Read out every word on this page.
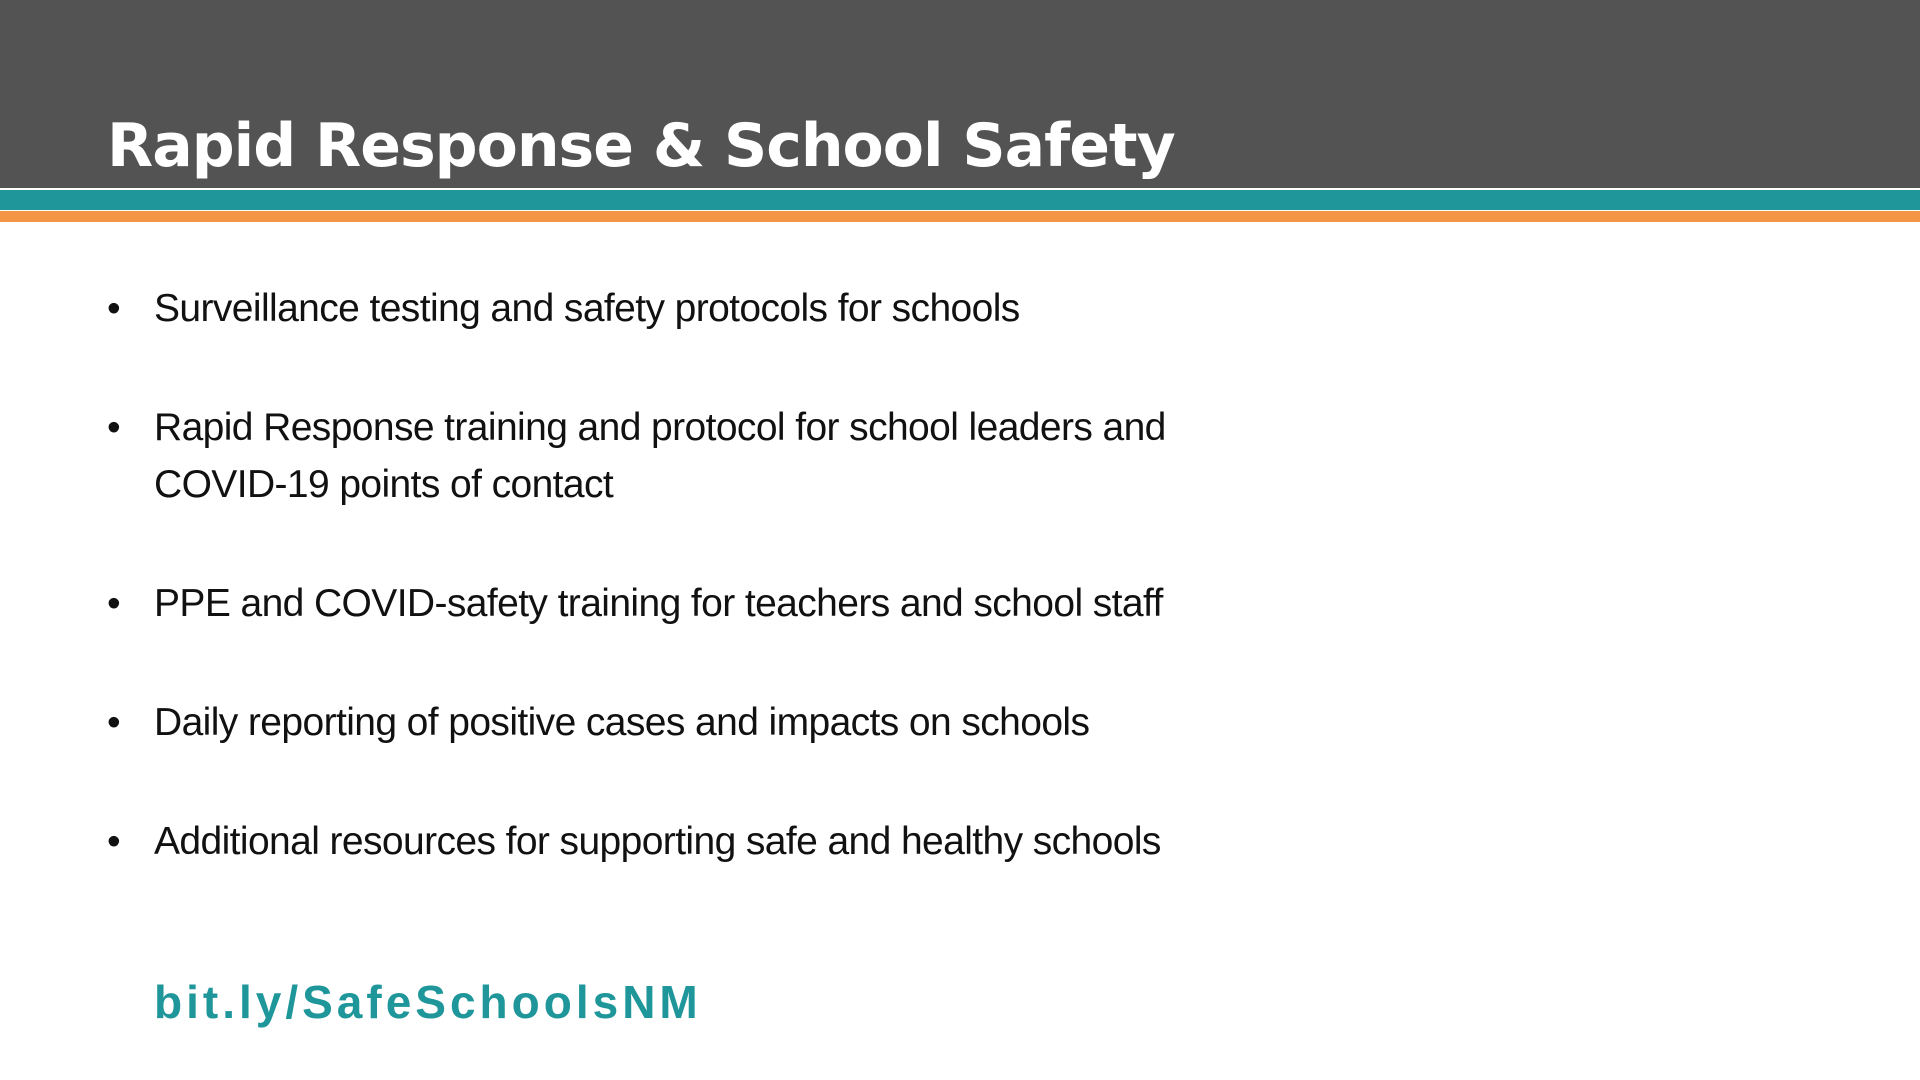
Rapid Response & School Safety
• Surveillance testing and safety protocols for schools
• Rapid Response training and protocol for school leaders and COVID-19 points of contact
• PPE and COVID-safety training for teachers and school staff
• Daily reporting of positive cases and impacts on schools
• Additional resources for supporting safe and healthy schools
bit.ly/SafeSchoolsNM
